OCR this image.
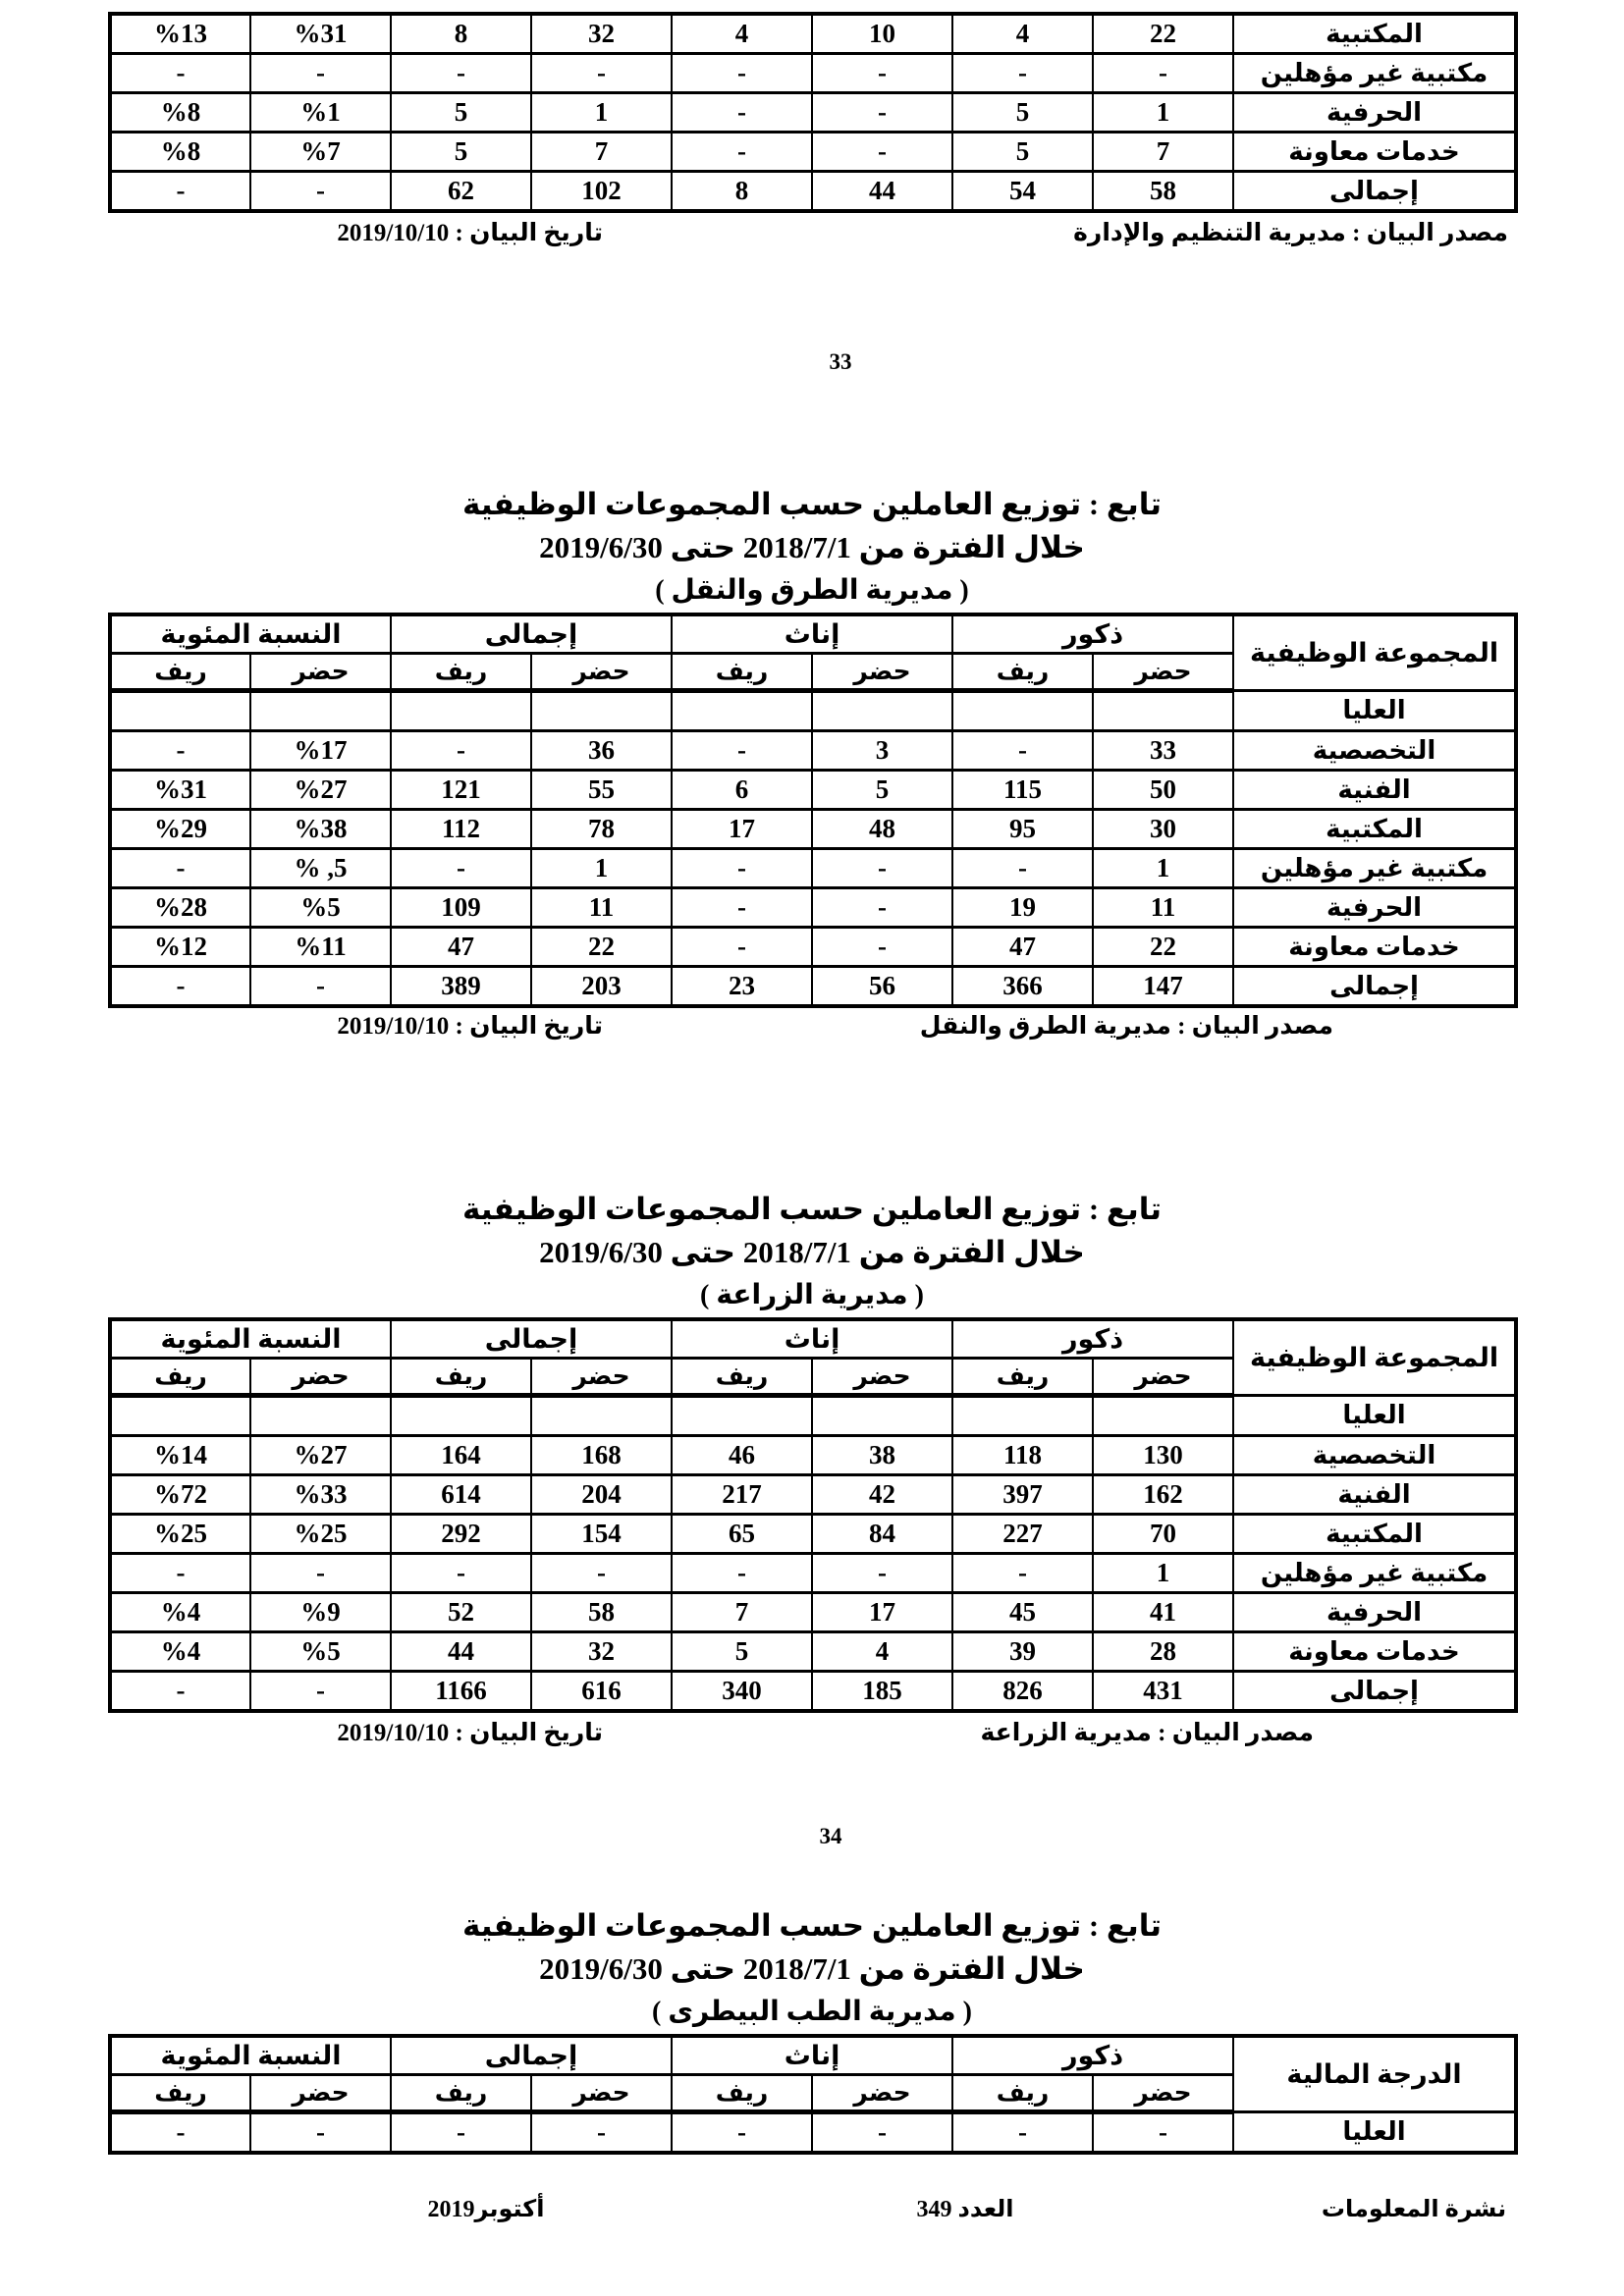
%13	%31	8	32	4	10	4	22	المكتبية
-	-	-	-	-	-	-	-	مكتبية غير مؤهلين
%8	%1	5	1	-	-	5	1	الحرفية
%8	%7	5	7	-	-	5	7	خدمات معاونة
-	-	62	102	8	44	54	58	إجمالى
تاريخ البيان : 2019/10/10	مصدر البيان : مديرية التنظيم والإدارة
33
تابع : توزيع العاملين حسب المجموعات الوظيفية
خلال الفترة من 2018/7/1 حتى 2019/6/30
( مديرية الطرق والنقل )
النسبة المئوية		إجمالى		إناث		ذكور		المجموعة الوظيفية
ريف	حضر	ريف	حضر	ريف	حضر	ريف	حضر	
								العليا
-	%17	-	36	-	3	-	33	التخصصية
%31	%27	121	55	6	5	115	50	الفنية
%29	%38	112	78	17	48	95	30	المكتبية
-	% ,5	-	1	-	-	-	1	مكتبية غير مؤهلين
%28	%5	109	11	-	-	19	11	الحرفية
%12	%11	47	22	-	-	47	22	خدمات معاونة
-	-	389	203	23	56	366	147	إجمالى
تاريخ البيان : 2019/10/10	مصدر البيان : مديرية الطرق والنقل
تابع : توزيع العاملين حسب المجموعات الوظيفية
خلال الفترة من 2018/7/1 حتى 2019/6/30
( مديرية الزراعة )
النسبة المئوية		إجمالى		إناث		ذكور		المجموعة الوظيفية
ريف	حضر	ريف	حضر	ريف	حضر	ريف	حضر	
								العليا
%14	%27	164	168	46	38	118	130	التخصصية
%72	%33	614	204	217	42	397	162	الفنية
%25	%25	292	154	65	84	227	70	المكتبية
-	-	-	-	-	-	-	1	مكتبية غير مؤهلين
%4	%9	52	58	7	17	45	41	الحرفية
%4	%5	44	32	5	4	39	28	خدمات معاونة
-	-	1166	616	340	185	826	431	إجمالى
تاريخ البيان : 2019/10/10	مصدر البيان : مديرية الزراعة
34
تابع : توزيع العاملين حسب المجموعات الوظيفية
خلال الفترة من 2018/7/1 حتى 2019/6/30
( مديرية الطب البيطرى )
النسبة المئوية		إجمالى		إناث		ذكور		الدرجة المالية
ريف	حضر	ريف	حضر	ريف	حضر	ريف	حضر	
-	-	-	-	-	-	-	-	العليا
نشرة المعلومات
العدد 349
أكتوبر2019
